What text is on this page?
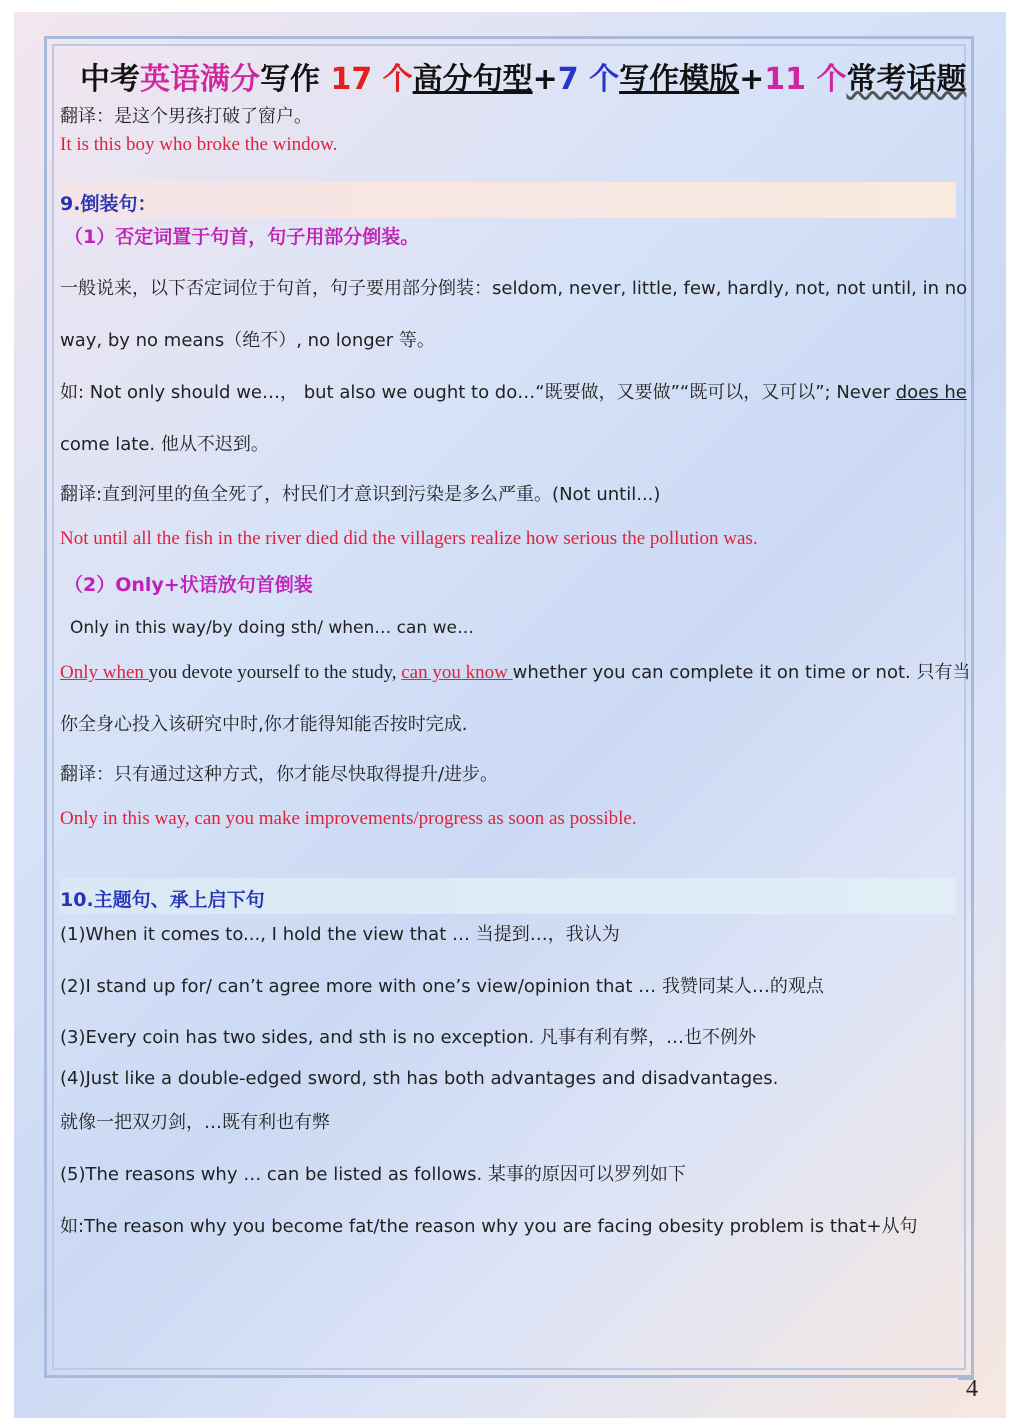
中考英语满分写作 17 个高分句型+7 个写作模版+11 个常考话题
翻译：是这个男孩打破了窗户。
It is this boy who broke the window.
9.倒装句：
（1）否定词置于句首，句子用部分倒装。
一般说来，以下否定词位于句首，句子要用部分倒装：seldom, never, little, few, hardly, not, not until, in no
way, by no means（绝不）, no longer 等。
如: Not only should we…， but also we ought to do…“既要做，又要做”“既可以，又可以”; Never does he
come late. 他从不迟到。
翻译:直到河里的鱼全死了，村民们才意识到污染是多么严重。(Not until...)
Not until all the fish in the river died did the villagers realize how serious the pollution was.
（2）Only+状语放句首倒装
Only in this way/by doing sth/ when… can we…
Only when you devote yourself to the study, can you know whether you can complete it on time or not. 只有当
你全身心投入该研究中时,你才能得知能否按时完成.
翻译：只有通过这种方式，你才能尽快取得提升/进步。
Only in this way, can you make improvements/progress as soon as possible.
10.主题句、承上启下句
(1)When it comes to..., I hold the view that … 当提到…，我认为
(2)I stand up for/ can’t agree more with one’s view/opinion that … 我赞同某人…的观点
(3)Every coin has two sides, and sth is no exception. 凡事有利有弊，…也不例外
(4)Just like a double-edged sword, sth has both advantages and disadvantages.
就像一把双刃剑，…既有利也有弊
(5)The reasons why … can be listed as follows. 某事的原因可以罗列如下
如:The reason why you become fat/the reason why you are facing obesity problem is that+从句
4
